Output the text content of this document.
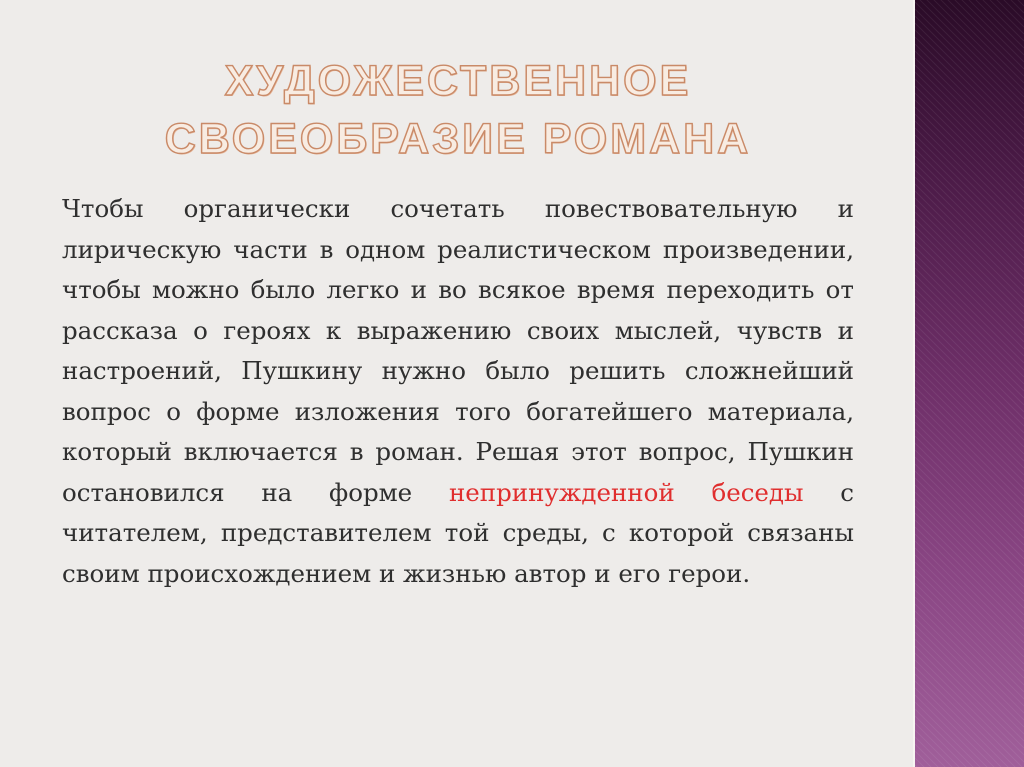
ХУДОЖЕСТВЕННОЕ СВОЕОБРАЗИЕ РОМАНА

Чтобы органически сочетать повествовательную и лирическую части в одном реалистическом произведении, чтобы можно было легко и во всякое время переходить от рассказа о героях к выражению своих мыслей, чувств и настроений, Пушкину нужно было решить сложнейший вопрос о форме изложения того богатейшего материала, который включается в роман. Решая этот вопрос, Пушкин остановился на форме непринужденной беседы с читателем, представителем той среды, с которой связаны своим происхождением и жизнью автор и его герои.
